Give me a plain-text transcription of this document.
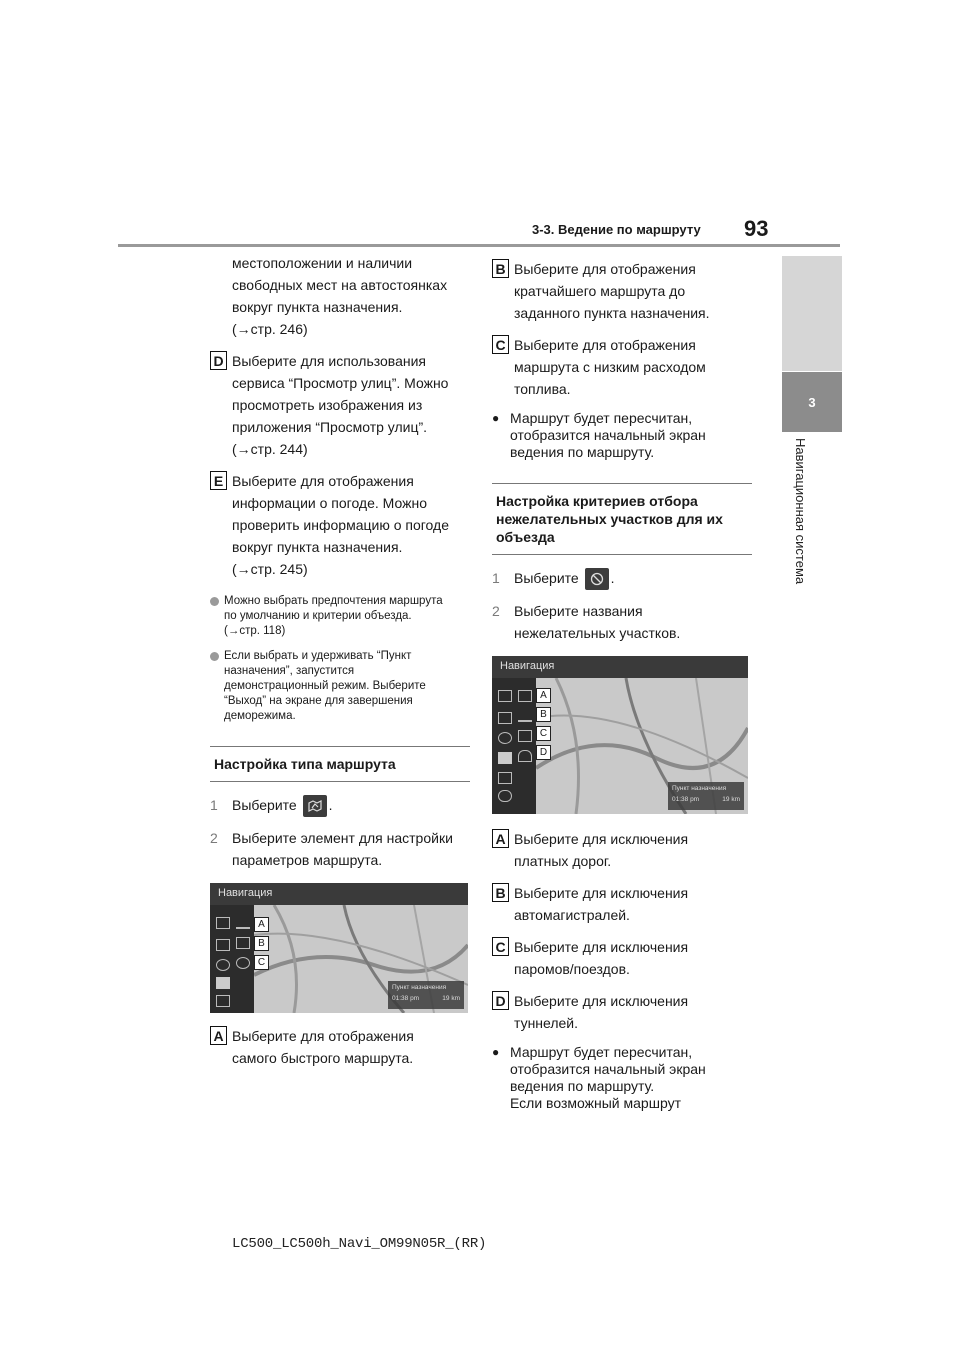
3-3. Ведение по маршруту 93
3
Навигационная система
местоположении и наличии
свободных мест на автостоянках
вокруг пункта назначения.
(→стр. 246)
D Выберите для использования
сервиса “Просмотр улиц”. Можно
просмотреть изображения из
приложения “Просмотр улиц”.
(→стр. 244)
E Выберите для отображения
информации о погоде. Можно
проверить информацию о погоде
вокруг пункта назначения.
(→стр. 245)
Можно выбрать предпочтения маршрута
по умолчанию и критерии объезда.
(→стр. 118)
Если выбрать и удерживать “Пункт
назначения”, запустится
демонстрационный режим. Выберите
“Выход” на экране для завершения
деморежима.
Настройка типа маршрута
1	Выберите .
2	Выберите элемент для настройки
параметров маршрута.
Навигация
A
B
C
Пункт назначения
01:38 pm	19 km
A Выберите для отображения
самого быстрого маршрута.
B Выберите для отображения
кратчайшего маршрута до
заданного пункта назначения.
C Выберите для отображения
маршрута с низким расходом
топлива.
● Маршрут будет пересчитан,
отобразится начальный экран
ведения по маршруту.
Настройка критериев отбора
нежелательных участков для их
объезда
1	Выберите .
2	Выберите названия
нежелательных участков.
Навигация
A
B
C
D
Пункт назначения
01:38 pm	19 km
A Выберите для исключения
платных дорог.
B Выберите для исключения
автомагистралей.
C Выберите для исключения
паромов/поездов.
D Выберите для исключения
туннелей.
● Маршрут будет пересчитан,
отобразится начальный экран
ведения по маршруту.
Если возможный маршрут
LC500_LC500h_Navi_OM99N05R_(RR)
